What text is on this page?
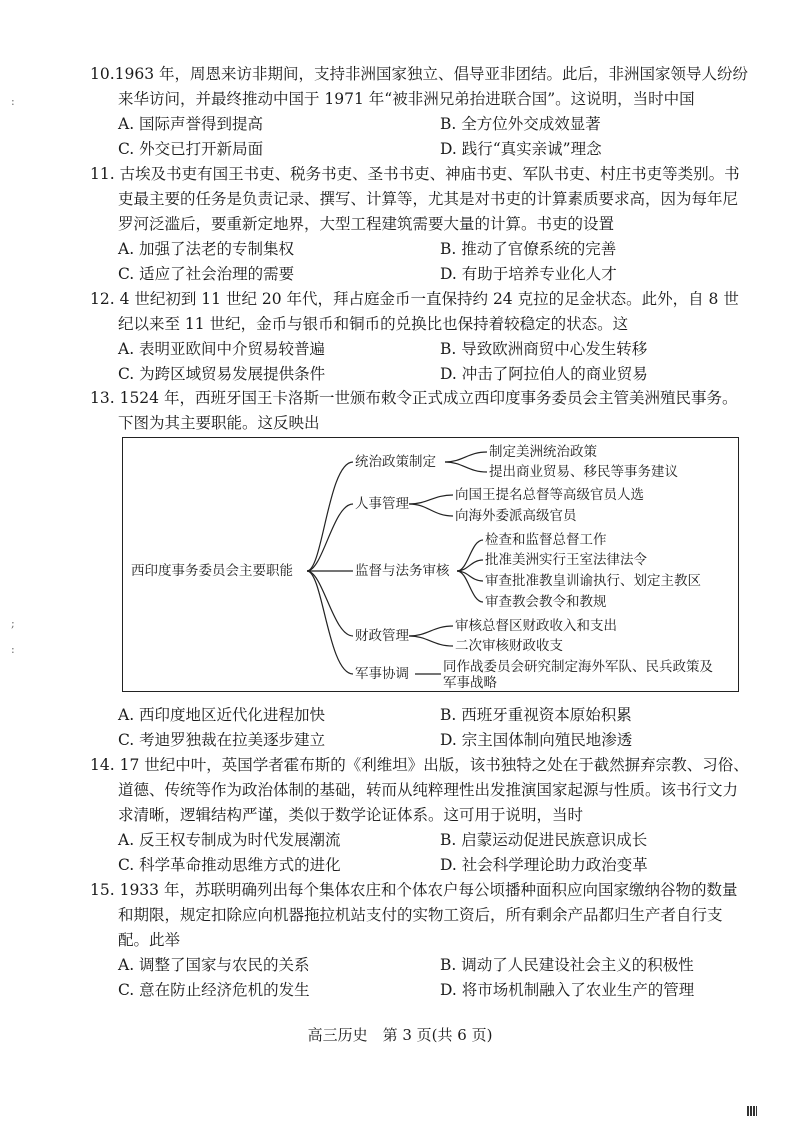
10.1963 年，周恩来访非期间，支持非洲国家独立、倡导亚非团结。此后，非洲国家领导人纷纷来华访问，并最终推动中国于 1971 年“被非洲兄弟抬进联合国”。这说明，当时中国

A. 国际声誉得到提高	B. 全方位外交成效显著
C. 外交已打开新局面	D. 践行“真实亲诚”理念

11. 古埃及书吏有国王书吏、税务书吏、圣书书吏、神庙书吏、军队书吏、村庄书吏等类别。书吏最主要的任务是负责记录、撰写、计算等，尤其是对书吏的计算素质要求高，因为每年尼罗河泛滥后，要重新定地界，大型工程建筑需要大量的计算。书吏的设置

A. 加强了法老的专制集权	B. 推动了官僚系统的完善
C. 适应了社会治理的需要	D. 有助于培养专业化人才

12. 4 世纪初到 11 世纪 20 年代，拜占庭金币一直保持约 24 克拉的足金状态。此外，自 8 世纪以来至 11 世纪，金币与银币和铜币的兑换比也保持着较稳定的状态。这

A. 表明亚欧间中介贸易较普遍	B. 导致欧洲商贸中心发生转移
C. 为跨区域贸易发展提供条件	D. 冲击了阿拉伯人的商业贸易

13. 1524 年，西班牙国王卡洛斯一世颁布敕令正式成立西印度事务委员会主管美洲殖民事务。下图为其主要职能。这反映出

西印度事务委员会主要职能
统治政策制定
制定美洲统治政策
提出商业贸易、移民等事务建议
人事管理
向国王提名总督等高级官员人选
向海外委派高级官员
监督与法务审核
检查和监督总督工作
批准美洲实行王室法律法令
审查批准教皇训谕执行、划定主教区
审查教会教令和教规
财政管理
审核总督区财政收入和支出
二次审核财政收支
军事协调	同作战委员会研究制定海外军队、民兵政策及
军事战略
A. 西印度地区近代化进程加快	B. 西班牙重视资本原始积累
C. 考迪罗独裁在拉美逐步建立	D. 宗主国体制向殖民地渗透

14. 17 世纪中叶，英国学者霍布斯的《利维坦》出版，该书独特之处在于截然摒弃宗教、习俗、道德、传统等作为政治体制的基础，转而从纯粹理性出发推演国家起源与性质。该书行文力求清晰，逻辑结构严谨，类似于数学论证体系。这可用于说明，当时

A. 反王权专制成为时代发展潮流	B. 启蒙运动促进民族意识成长
C. 科学革命推动思维方式的进化	D. 社会科学理论助力政治变革

15. 1933 年，苏联明确列出每个集体农庄和个体农户每公顷播种面积应向国家缴纳谷物的数量和期限，规定扣除应向机器拖拉机站支付的实物工资后，所有剩余产品都归生产者自行支配。此举

A. 调整了国家与农民的关系	B. 调动了人民建设社会主义的积极性
C. 意在防止经济危机的发生	D. 将市场机制融入了农业生产的管理
高三历史　第 3 页(共 6 页)
:
;
:
